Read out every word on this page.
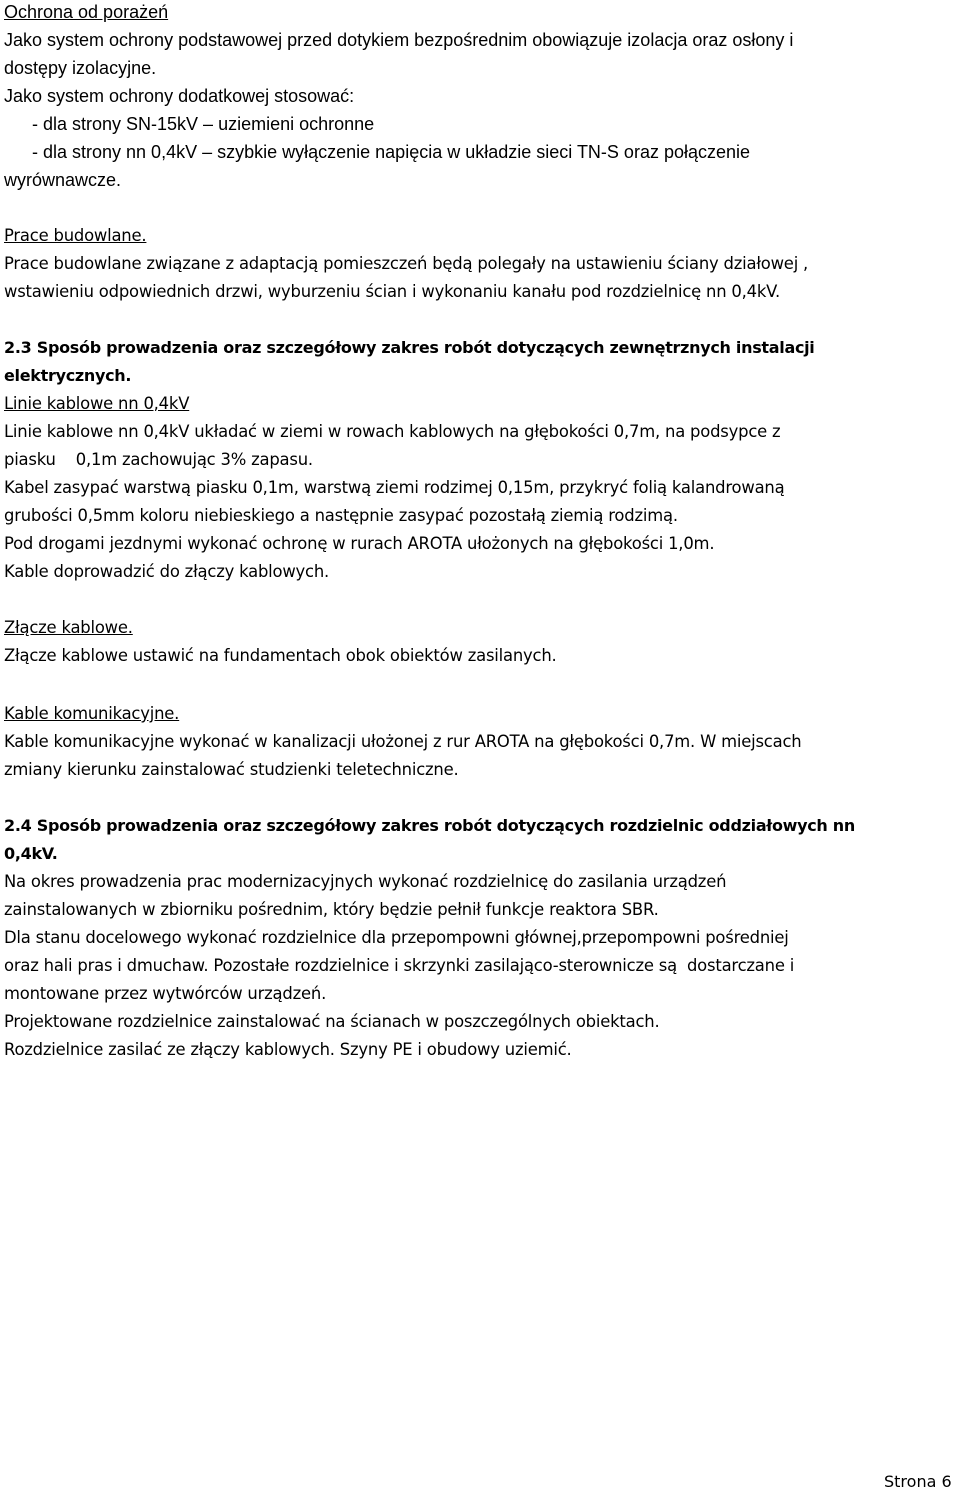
Ochrona od porażeń

Jako system ochrony podstawowej przed dotykiem bezpośrednim obowiązuje izolacja oraz osłony i

dostępy izolacyjne.

Jako system ochrony dodatkowej stosować:

- dla strony SN-15kV – uziemieni ochronne

- dla strony nn 0,4kV – szybkie wyłączenie napięcia w układzie sieci TN-S oraz połączenie

wyrównawcze.

Prace budowlane.

Prace budowlane związane z adaptacją pomieszczeń będą polegały na ustawieniu ściany działowej ,

wstawieniu odpowiednich drzwi, wyburzeniu ścian i wykonaniu kanału pod rozdzielnicę nn 0,4kV.

2.3 Sposób prowadzenia oraz szczegółowy zakres robót dotyczących zewnętrznych instalacji

elektrycznych.

Linie kablowe nn 0,4kV

Linie kablowe nn 0,4kV układać w ziemi w rowach kablowych na głębokości 0,7m, na podsypce z

piasku    0,1m zachowując 3% zapasu.

Kabel zasypać warstwą piasku 0,1m, warstwą ziemi rodzimej 0,15m, przykryć folią kalandrowaną

grubości 0,5mm koloru niebieskiego a następnie zasypać pozostałą ziemią rodzimą.

Pod drogami jezdnymi wykonać ochronę w rurach AROTA ułożonych na głębokości 1,0m.

Kable doprowadzić do złączy kablowych.

Złącze kablowe.

Złącze kablowe ustawić na fundamentach obok obiektów zasilanych.

Kable komunikacyjne.

Kable komunikacyjne wykonać w kanalizacji ułożonej z rur AROTA na głębokości 0,7m. W miejscach

zmiany kierunku zainstalować studzienki teletechniczne.

2.4 Sposób prowadzenia oraz szczegółowy zakres robót dotyczących rozdzielnic oddziałowych nn

0,4kV.

Na okres prowadzenia prac modernizacyjnych wykonać rozdzielnicę do zasilania urządzeń

zainstalowanych w zbiorniku pośrednim, który będzie pełnił funkcje reaktora SBR.

Dla stanu docelowego wykonać rozdzielnice dla przepompowni głównej,przepompowni pośredniej

oraz hali pras i dmuchaw. Pozostałe rozdzielnice i skrzynki zasilająco-sterownicze są  dostarczane i

montowane przez wytwórców urządzeń.

Projektowane rozdzielnice zainstalować na ścianach w poszczególnych obiektach.

Rozdzielnice zasilać ze złączy kablowych. Szyny PE i obudowy uziemić.

Strona 6
